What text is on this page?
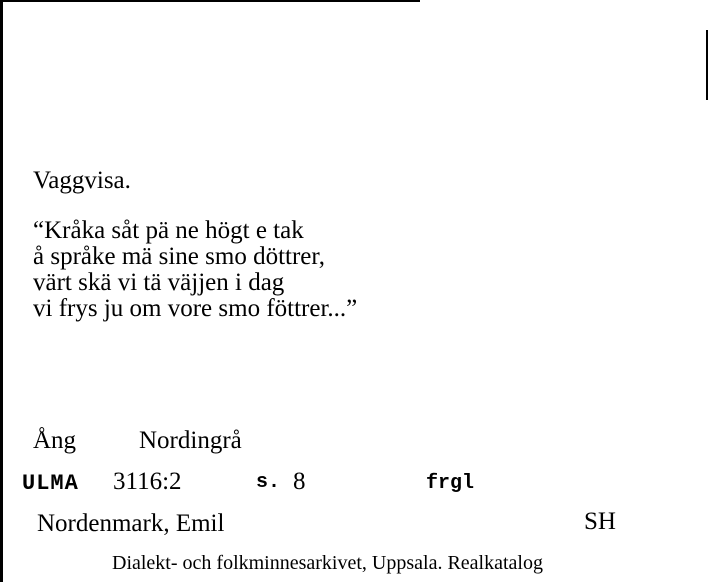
Vaggvisa.
“Kråka såt pä ne högt e tak
å språke mä sine smo döttrer,
värt skä vi tä väjjen i dag
vi frys ju om vore smo föttrer...”
Ång	Nordingrå
ULMA 3116:2	s. 8	frgl
Nordenmark, Emil	SH
Dialekt- och folkminnesarkivet, Uppsala. Realkatalog
